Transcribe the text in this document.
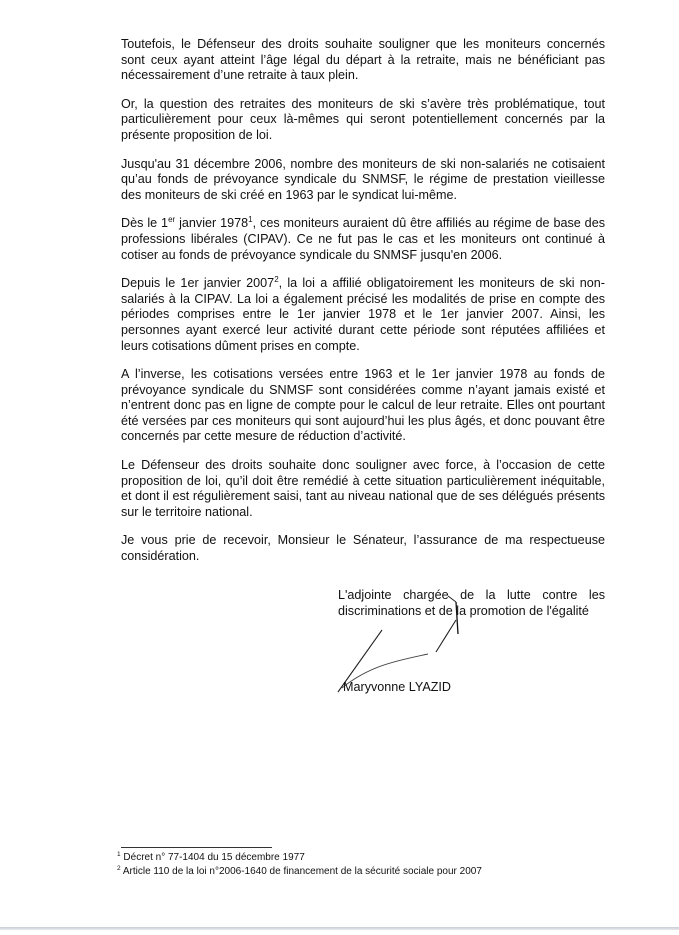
Toutefois, le Défenseur des droits souhaite souligner que les moniteurs concernés sont ceux ayant atteint l’âge légal du départ à la retraite, mais ne bénéficiant pas nécessairement d’une retraite à taux plein.

Or, la question des retraites des moniteurs de ski s’avère très problématique, tout particulièrement pour ceux là-mêmes qui seront potentiellement concernés par la présente proposition de loi.

Jusqu'au 31 décembre 2006, nombre des moniteurs de ski non-salariés ne cotisaient qu’au fonds de prévoyance syndicale du SNMSF, le régime de prestation vieillesse des moniteurs de ski créé en 1963 par le syndicat lui-même.

Dès le 1er janvier 1978$^1$, ces moniteurs auraient dû être affiliés au régime de base des professions libérales (CIPAV). Ce ne fut pas le cas et les moniteurs ont continué à cotiser au fonds de prévoyance syndicale du SNMSF jusqu'en 2006.

Depuis le 1er janvier 2007$^2$, la loi a affilié obligatoirement les moniteurs de ski non-salariés à la CIPAV. La loi a également précisé les modalités de prise en compte des périodes comprises entre le 1er janvier 1978 et le 1er janvier 2007. Ainsi, les personnes ayant exercé leur activité durant cette période sont réputées affiliées et leurs cotisations dûment prises en compte.

A l’inverse, les cotisations versées entre 1963 et le 1er janvier 1978 au fonds de prévoyance syndicale du SNMSF sont considérées comme n’ayant jamais existé et n’entrent donc pas en ligne de compte pour le calcul de leur retraite. Elles ont pourtant été versées par ces moniteurs qui sont aujourd’hui les plus âgés, et donc pouvant être concernés par cette mesure de réduction d’activité.

Le Défenseur des droits souhaite donc souligner avec force, à l’occasion de cette proposition de loi, qu’il doit être remédié à cette situation particulièrement inéquitable, et dont il est régulièrement saisi, tant au niveau national que de ses délégués présents sur le territoire national.

Je vous prie de recevoir, Monsieur le Sénateur, l’assurance de ma respectueuse considération.

L'adjointe chargée de la lutte contre les
discriminations et de la promotion de l'égalité
Maryvonne LYAZID
$^1$ Décret n° 77-1404 du 15 décembre 1977
$^2$ Article 110 de la loi n°2006-1640 de financement de la sécurité sociale pour 2007
